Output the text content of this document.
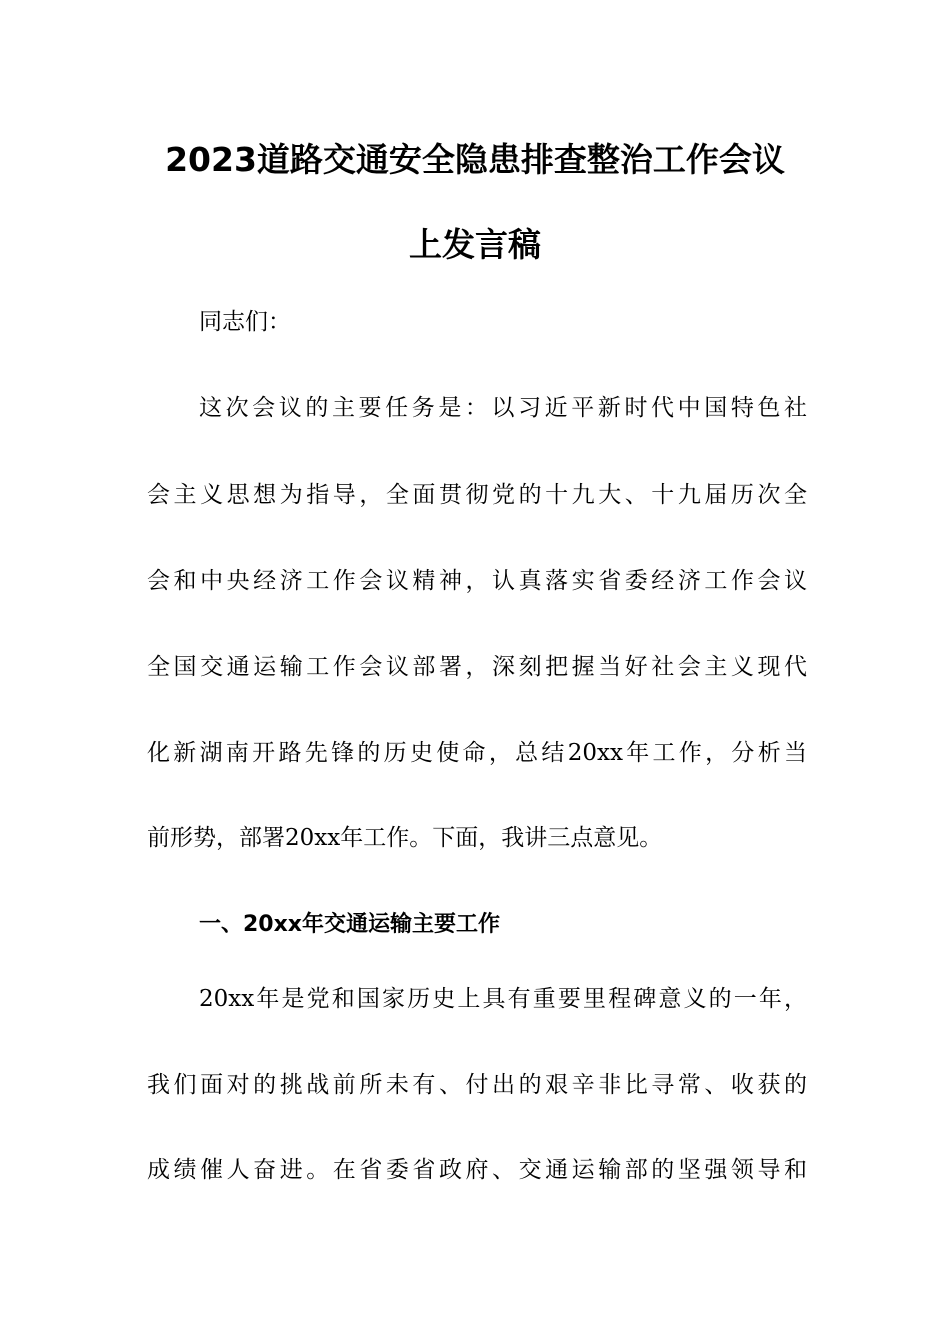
2023道路交通安全隐患排查整治工作会议
上发言稿
同志们：
这次会议的主要任务是：以习近平新时代中国特色社
会主义思想为指导，全面贯彻党的十九大、十九届历次全
会和中央经济工作会议精神，认真落实省委经济工作会议
全国交通运输工作会议部署，深刻把握当好社会主义现代
化新湖南开路先锋的历史使命，总结20xx年工作，分析当
前形势，部署20xx年工作。下面，我讲三点意见。
一、20xx年交通运输主要工作
20xx年是党和国家历史上具有重要里程碑意义的一年，
我们面对的挑战前所未有、付出的艰辛非比寻常、收获的
成绩催人奋进。在省委省政府、交通运输部的坚强领导和
